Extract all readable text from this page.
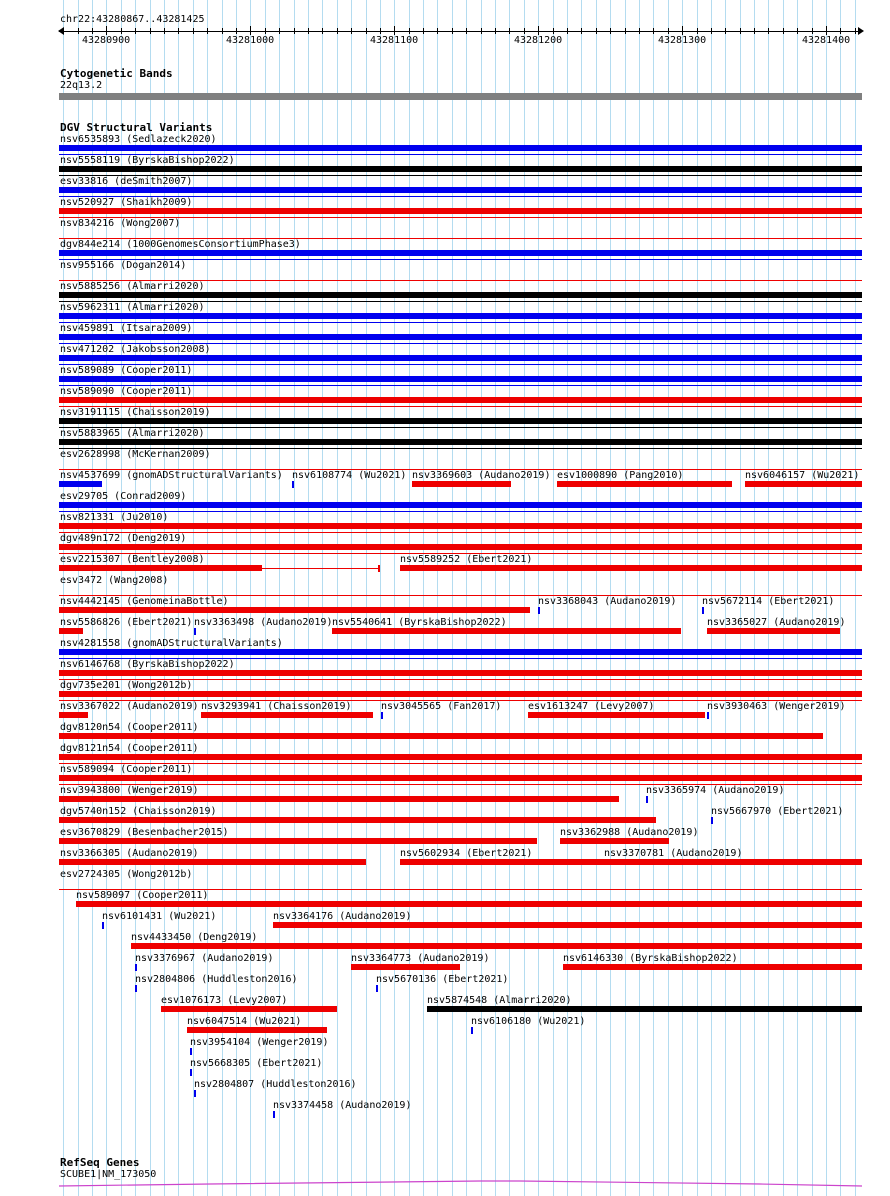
chr22:43280867..43281425
43280900	43281000	43281100	43281200	43281300	43281400
Cytogenetic Bands
22q13.2
DGV Structural Variants
nsv6535893 (Sedlazeck2020)
nsv5558119 (ByrskaBishop2022)
esv33816 (deSmith2007)
nsv520927 (Shaikh2009)
nsv834216 (Wong2007)
dgv844e214 (1000GenomesConsortiumPhase3)
nsv955166 (Dogan2014)
nsv5885256 (Almarri2020)
nsv5962311 (Almarri2020)
nsv459891 (Itsara2009)
nsv471202 (Jakobsson2008)
nsv589089 (Cooper2011)
nsv589090 (Cooper2011)
nsv3191115 (Chaisson2019)
nsv5883965 (Almarri2020)
esv2628998 (McKernan2009)
nsv4537699 (gnomADStructuralVariants) nsv6108774 (Wu2021) nsv3369603 (Audano2019) esv1000890 (Pang2010)	nsv6046157 (Wu2021)
esv29705 (Conrad2009)
nsv821331 (Ju2010)
dgv489n172 (Deng2019)
esv2215307 (Bentley2008)	nsv5589252 (Ebert2021)
esv3472 (Wang2008)
nsv4442145 (GenomeinaBottle)	nsv3368043 (Audano2019)	nsv5672114 (Ebert2021)
nsv5586826 (Ebert2021) nsv3363498 (Audano2019) nsv5540641 (ByrskaBishop2022)	nsv3365027 (Audano2019)
nsv4281558 (gnomADStructuralVariants)
nsv6146768 (ByrskaBishop2022)
dgv735e201 (Wong2012b)
nsv3367022 (Audano2019) nsv3293941 (Chaisson2019)	nsv3045565 (Fan2017)	esv1613247 (Levy2007)	nsv3930463 (Wenger2019)
dgv8120n54 (Cooper2011)
dgv8121n54 (Cooper2011)
nsv589094 (Cooper2011)
nsv3943800 (Wenger2019)	nsv3365974 (Audano2019)
dgv5740n152 (Chaisson2019)	nsv5667970 (Ebert2021)
esv3670829 (Besenbacher2015)	nsv3362988 (Audano2019)
nsv3366305 (Audano2019)	nsv5602934 (Ebert2021)	nsv3370781 (Audano2019)
esv2724305 (Wong2012b)
nsv589097 (Cooper2011)
nsv6101431 (Wu2021)	nsv3364176 (Audano2019)
nsv4433450 (Deng2019)
nsv3376967 (Audano2019)	nsv3364773 (Audano2019)	nsv6146330 (ByrskaBishop2022)
nsv2804806 (Huddleston2016)	nsv5670136 (Ebert2021)
esv1076173 (Levy2007)	nsv5874548 (Almarri2020)
nsv6047514 (Wu2021)	nsv6106180 (Wu2021)
nsv3954104 (Wenger2019)
nsv5668305 (Ebert2021)
nsv2804807 (Huddleston2016)
nsv3374458 (Audano2019)
RefSeq Genes
SCUBE1|NM_173050
